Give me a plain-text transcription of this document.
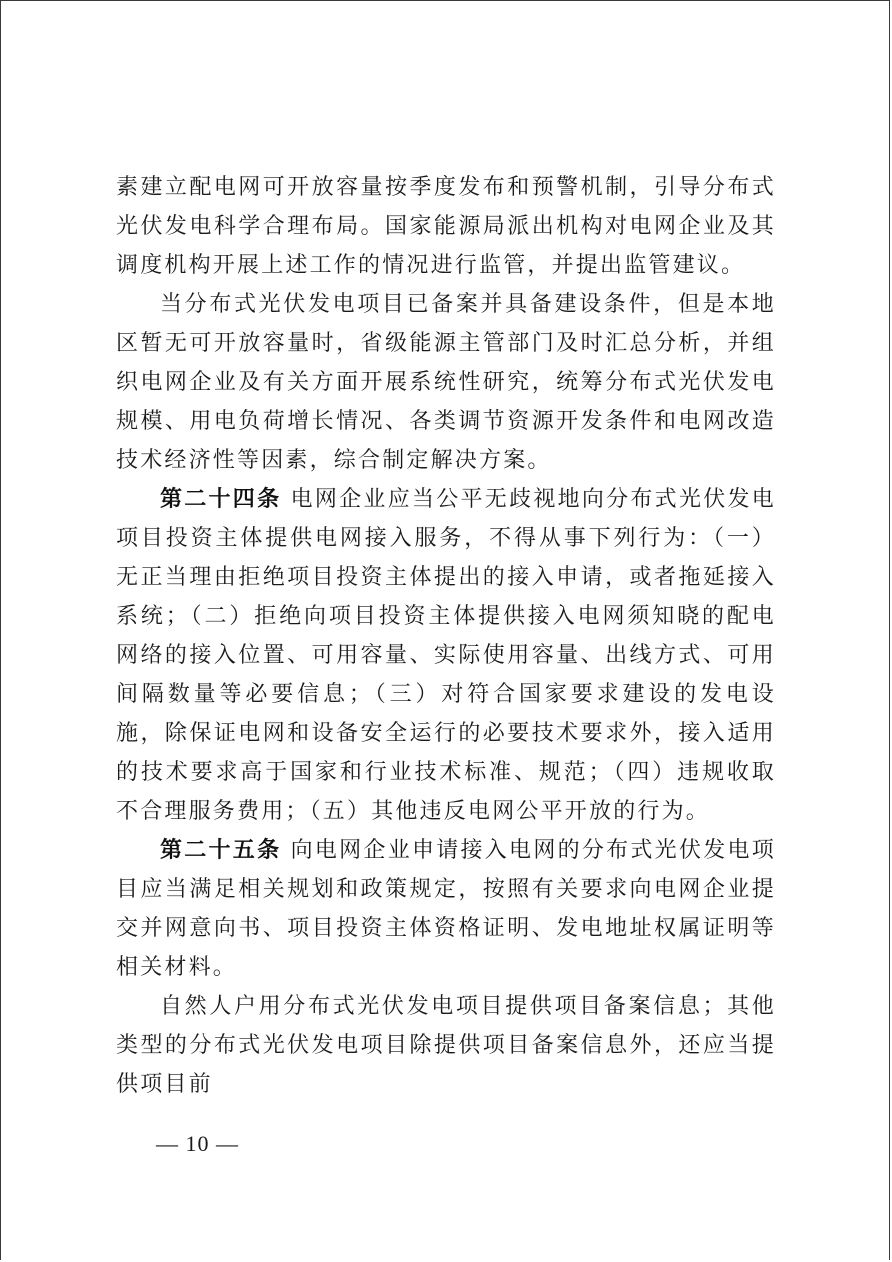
素建立配电网可开放容量按季度发布和预警机制，引导分布式光伏发电科学合理布局。国家能源局派出机构对电网企业及其调度机构开展上述工作的情况进行监管，并提出监管建议。

当分布式光伏发电项目已备案并具备建设条件，但是本地区暂无可开放容量时，省级能源主管部门及时汇总分析，并组织电网企业及有关方面开展系统性研究，统筹分布式光伏发电规模、用电负荷增长情况、各类调节资源开发条件和电网改造技术经济性等因素，综合制定解决方案。

第二十四条 电网企业应当公平无歧视地向分布式光伏发电项目投资主体提供电网接入服务，不得从事下列行为：（一）无正当理由拒绝项目投资主体提出的接入申请，或者拖延接入系统；（二）拒绝向项目投资主体提供接入电网须知晓的配电网络的接入位置、可用容量、实际使用容量、出线方式、可用间隔数量等必要信息；（三）对符合国家要求建设的发电设施，除保证电网和设备安全运行的必要技术要求外，接入适用的技术要求高于国家和行业技术标准、规范；（四）违规收取不合理服务费用；（五）其他违反电网公平开放的行为。

第二十五条 向电网企业申请接入电网的分布式光伏发电项目应当满足相关规划和政策规定，按照有关要求向电网企业提交并网意向书、项目投资主体资格证明、发电地址权属证明等相关材料。

自然人户用分布式光伏发电项目提供项目备案信息；其他类型的分布式光伏发电项目除提供项目备案信息外，还应当提供项目前

— 10 —
